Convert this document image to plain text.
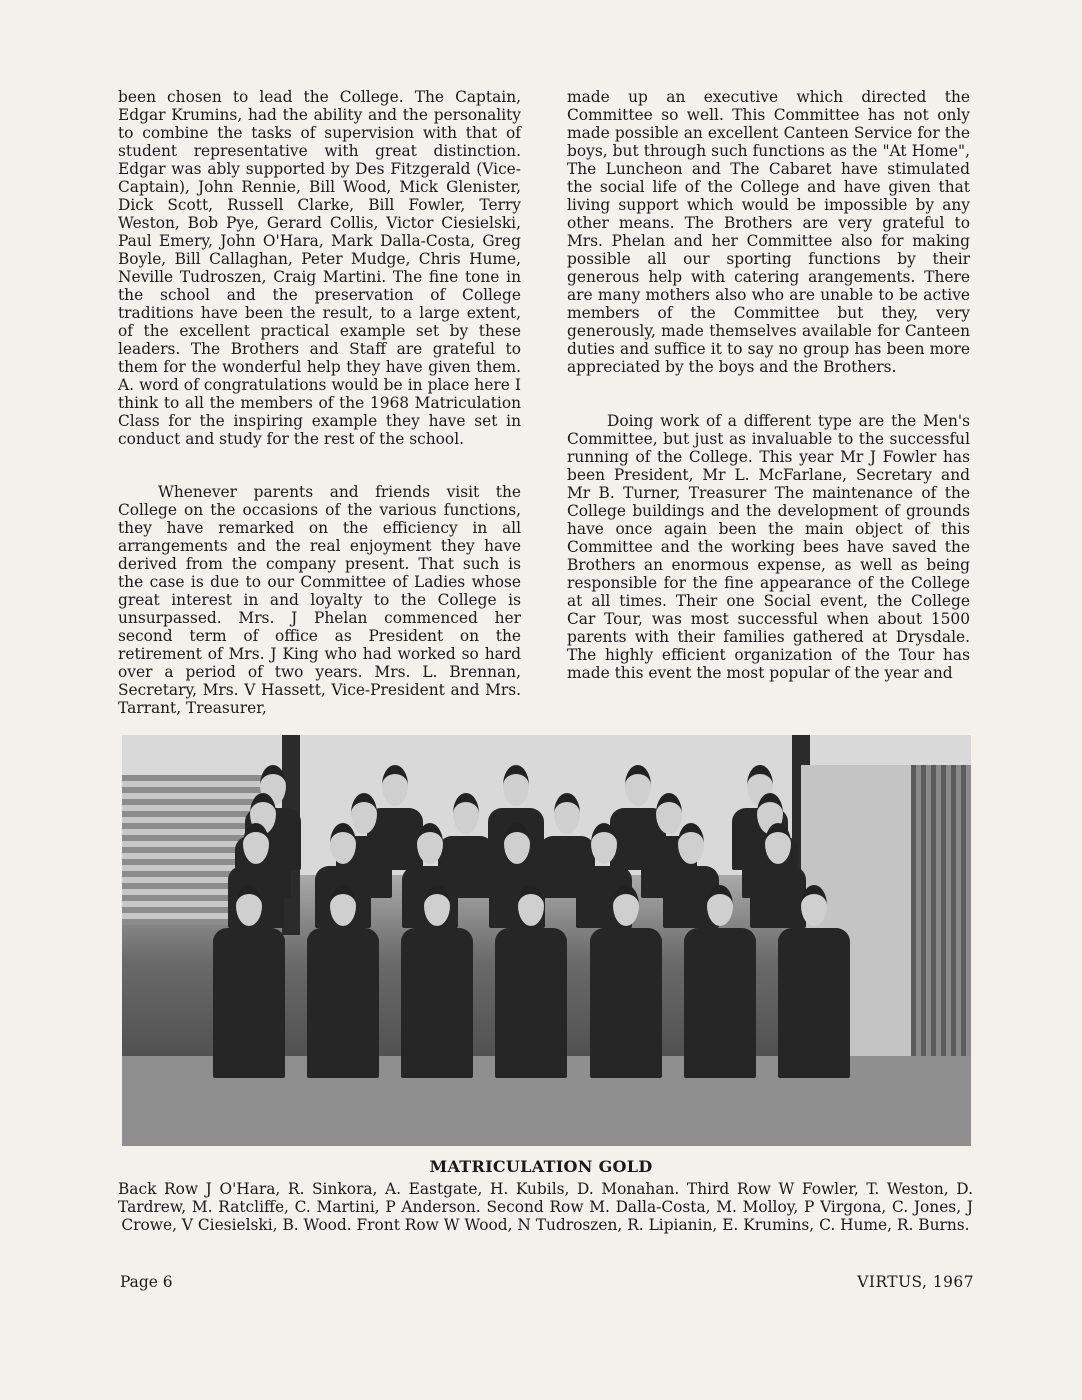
been chosen to lead the College. The Captain, Edgar Krumins, had the ability and the personality to combine the tasks of supervision with that of student representative with great distinction. Edgar was ably supported by Des Fitzgerald (Vice-Captain), John Rennie, Bill Wood, Mick Glenister, Dick Scott, Russell Clarke, Bill Fowler, Terry Weston, Bob Pye, Gerard Collis, Victor Ciesielski, Paul Emery, John O'Hara, Mark Dalla-Costa, Greg Boyle, Bill Callaghan, Peter Mudge, Chris Hume, Neville Tudroszen, Craig Martini. The fine tone in the school and the preservation of College traditions have been the result, to a large extent, of the excellent practical example set by these leaders. The Brothers and Staff are grateful to them for the wonderful help they have given them. A. word of congratulations would be in place here I think to all the members of the 1968 Matriculation Class for the inspiring example they have set in conduct and study for the rest of the school.

Whenever parents and friends visit the College on the occasions of the various functions, they have remarked on the efficiency in all arrangements and the real enjoyment they have derived from the company present. That such is the case is due to our Committee of Ladies whose great interest in and loyalty to the College is unsurpassed. Mrs. J Phelan commenced her second term of office as President on the retirement of Mrs. J King who had worked so hard over a period of two years. Mrs. L. Brennan, Secretary, Mrs. V Hassett, Vice-President and Mrs. Tarrant, Treasurer,

made up an executive which directed the Committee so well. This Committee has not only made possible an excellent Canteen Service for the boys, but through such functions as the "At Home", The Luncheon and The Cabaret have stimulated the social life of the College and have given that living support which would be impossible by any other means. The Brothers are very grateful to Mrs. Phelan and her Committee also for making possible all our sporting functions by their generous help with catering arangements. There are many mothers also who are unable to be active members of the Committee but they, very generously, made themselves available for Canteen duties and suffice it to say no group has been more appreciated by the boys and the Brothers.

Doing work of a different type are the Men's Committee, but just as invaluable to the successful running of the College. This year Mr J Fowler has been President, Mr L. McFarlane, Secretary and Mr B. Turner, Treasurer The maintenance of the College buildings and the development of grounds have once again been the main object of this Committee and the working bees have saved the Brothers an enormous expense, as well as being responsible for the fine appearance of the College at all times. Their one Social event, the College Car Tour, was most successful when about 1500 parents with their families gathered at Drysdale. The highly efficient organization of the Tour has made this event the most popular of the year and

MATRICULATION GOLD
Back Row J O'Hara, R. Sinkora, A. Eastgate, H. Kubils, D. Monahan. Third Row W Fowler, T. Weston, D. Tardrew, M. Ratcliffe, C. Martini, P Anderson. Second Row M. Dalla-Costa, M. Molloy, P Virgona, C. Jones, J Crowe, V Ciesielski, B. Wood. Front Row W Wood, N Tudroszen, R. Lipianin, E. Krumins, C. Hume, R. Burns.
Page 6	VIRTUS, 1967
